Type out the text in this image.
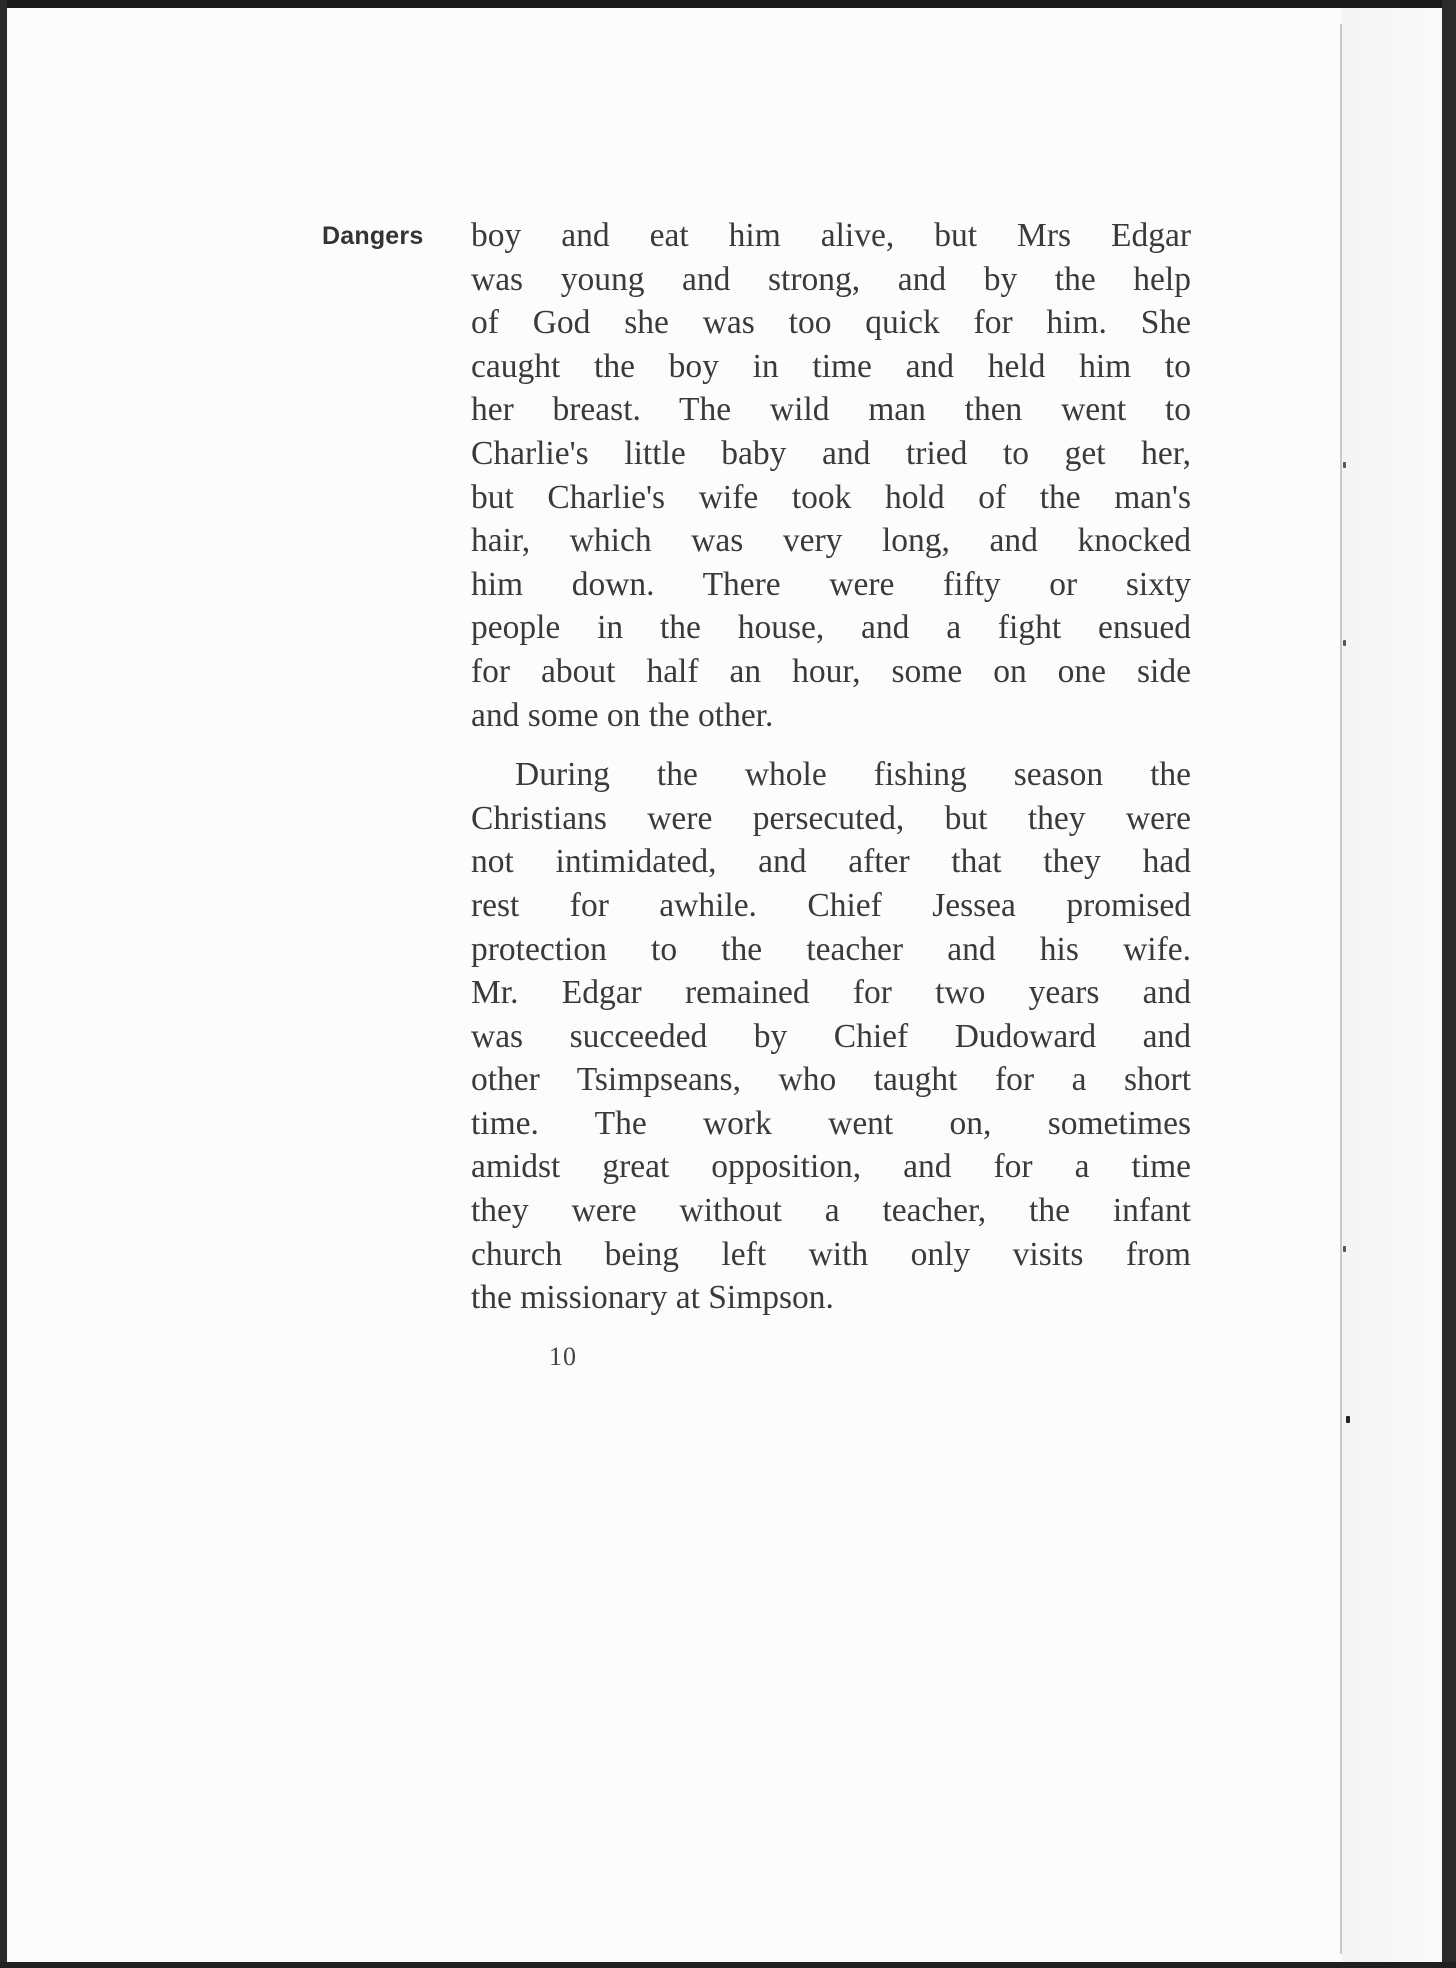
Dangers boy and eat him alive, but Mrs Edgar
was young and strong, and by the help
of God she was too quick for him. She
caught the boy in time and held him to
her breast. The wild man then went to
Charlie's little baby and tried to get her,
but Charlie's wife took hold of the man's
hair, which was very long, and knocked
him down. There were fifty or sixty
people in the house, and a fight ensued
for about half an hour, some on one side
and some on the other.
During the whole fishing season the
Christians were persecuted, but they were
not intimidated, and after that they had
rest for awhile. Chief Jessea promised
protection to the teacher and his wife.
Mr. Edgar remained for two years and
was succeeded by Chief Dudoward and
other Tsimpseans, who taught for a short
time. The work went on, sometimes
amidst great opposition, and for a time
they were without a teacher, the infant
church being left with only visits from
the missionary at Simpson.
10
